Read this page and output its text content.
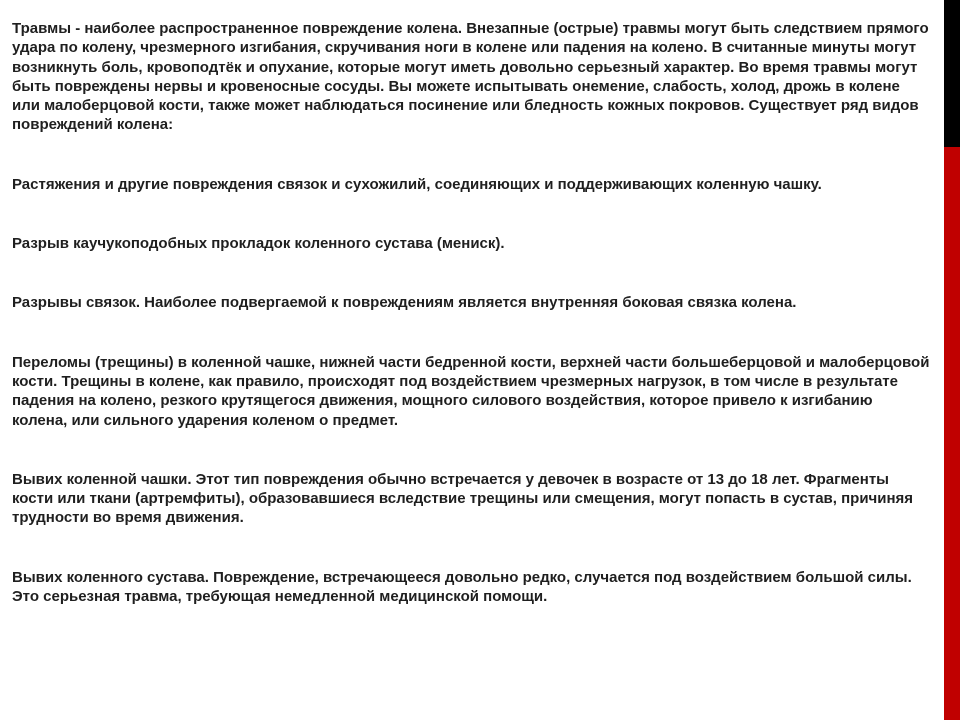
Травмы - наиболее распространенное повреждение колена. Внезапные (острые) травмы могут быть следствием прямого удара по колену, чрезмерного изгибания, скручивания ноги в колене или падения на колено. В считанные минуты могут возникнуть боль, кровоподтёк и опухание, которые могут иметь довольно серьезный характер. Во время травмы могут быть повреждены нервы и кровеносные сосуды. Вы можете испытывать онемение, слабость, холод, дрожь в колене или малоберцовой кости, также может наблюдаться посинение или бледность кожных покровов. Существует ряд видов повреждений колена:

Растяжения и другие повреждения связок и сухожилий, соединяющих и поддерживающих коленную чашку.

Разрыв каучукоподобных прокладок коленного сустава (мениск).

Разрывы связок. Наиболее подвергаемой к повреждениям является внутренняя боковая связка колена.

Переломы (трещины) в коленной чашке, нижней части бедренной кости, верхней части большеберцовой и малоберцовой кости. Трещины в колене, как правило, происходят под воздействием чрезмерных нагрузок, в том числе в результате падения на колено, резкого крутящегося движения, мощного силового воздействия, которое привело к изгибанию колена, или сильного ударения коленом о предмет.

Вывих коленной чашки. Этот тип повреждения обычно встречается у девочек в возрасте от 13 до 18 лет. Фрагменты кости или ткани (артремфиты), образовавшиеся вследствие трещины или смещения, могут попасть в сустав, причиняя трудности во время движения.

Вывих коленного сустава. Повреждение, встречающееся довольно редко, случается под воздействием большой силы. Это серьезная травма, требующая немедленной медицинской помощи.
